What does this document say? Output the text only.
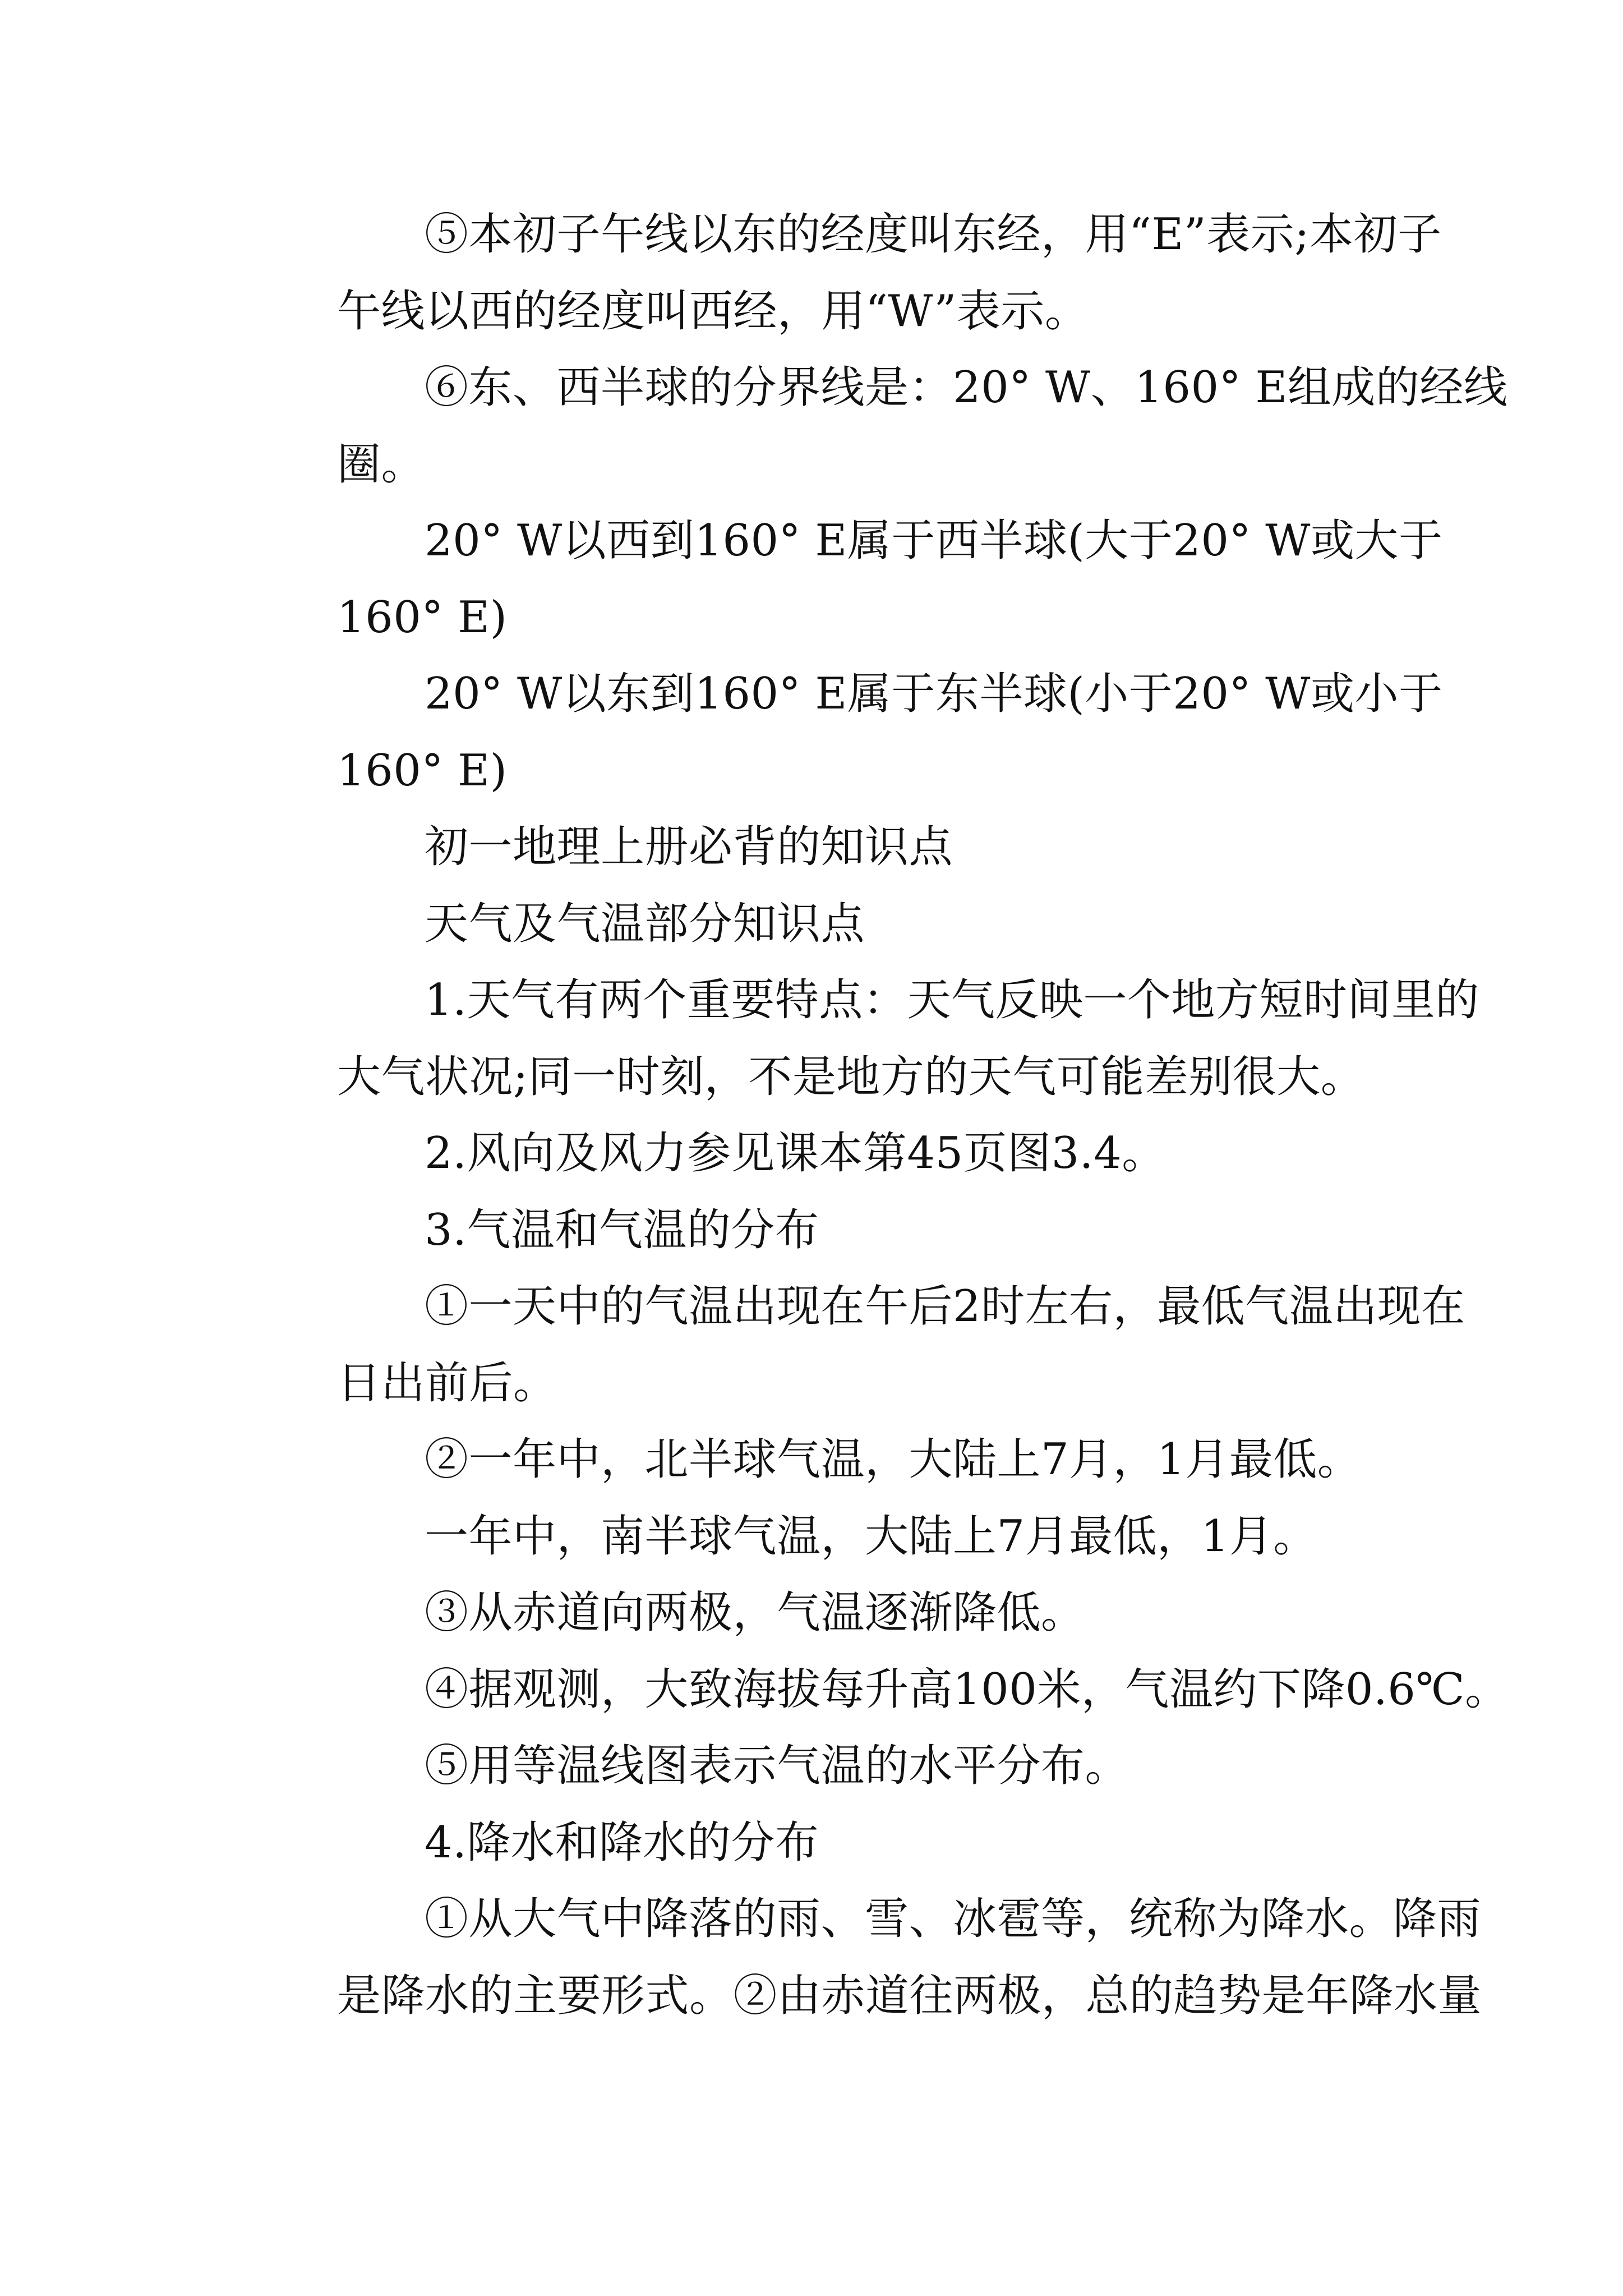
⑤本初子午线以东的经度叫东经，用“E”表示;本初子
午线以西的经度叫西经，用“W”表示。
⑥东、西半球的分界线是：20° W、160° E组成的经线
圈。
20° W以西到160° E属于西半球(大于20° W或大于
160° E)
20° W以东到160° E属于东半球(小于20° W或小于
160° E)
初一地理上册必背的知识点
天气及气温部分知识点
1.天气有两个重要特点：天气反映一个地方短时间里的
大气状况;同一时刻，不是地方的天气可能差别很大。
2.风向及风力参见课本第45页图3.4。
3.气温和气温的分布
①一天中的气温出现在午后2时左右，最低气温出现在
日出前后。
②一年中，北半球气温，大陆上7月，1月最低。
一年中，南半球气温，大陆上7月最低，1月。
③从赤道向两极，气温逐渐降低。
④据观测，大致海拔每升高100米，气温约下降0.6℃。
⑤用等温线图表示气温的水平分布。
4.降水和降水的分布
①从大气中降落的雨、雪、冰雹等，统称为降水。降雨
是降水的主要形式。②由赤道往两极，总的趋势是年降水量
